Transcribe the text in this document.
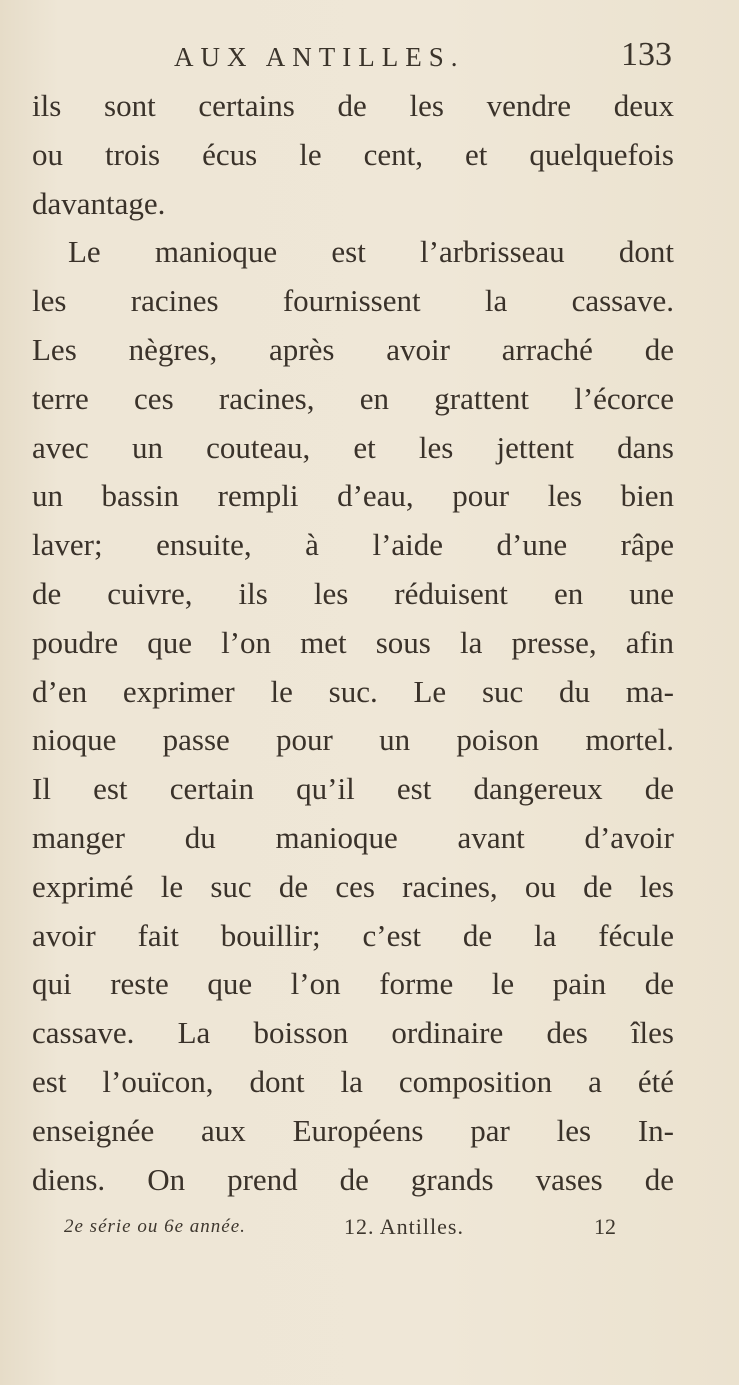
AUX ANTILLES.	133
ils sont certains de les vendre deux
ou trois écus le cent, et quelquefois
davantage.
Le manioque est l’arbrisseau dont
les racines fournissent la cassave.
Les nègres, après avoir arraché de
terre ces racines, en grattent l’écorce
avec un couteau, et les jettent dans
un bassin rempli d’eau, pour les bien
laver; ensuite, à l’aide d’une râpe
de cuivre, ils les réduisent en une
poudre que l’on met sous la presse, afin
d’en exprimer le suc. Le suc du ma-
nioque passe pour un poison mortel.
Il est certain qu’il est dangereux de
manger du manioque avant d’avoir
exprimé le suc de ces racines, ou de les
avoir fait bouillir; c’est de la fécule
qui reste que l’on forme le pain de
cassave. La boisson ordinaire des îles
est l’ouïcon, dont la composition a été
enseignée aux Européens par les In-
diens. On prend de grands vases de
2e série ou 6e année.	12. Antilles.	12
